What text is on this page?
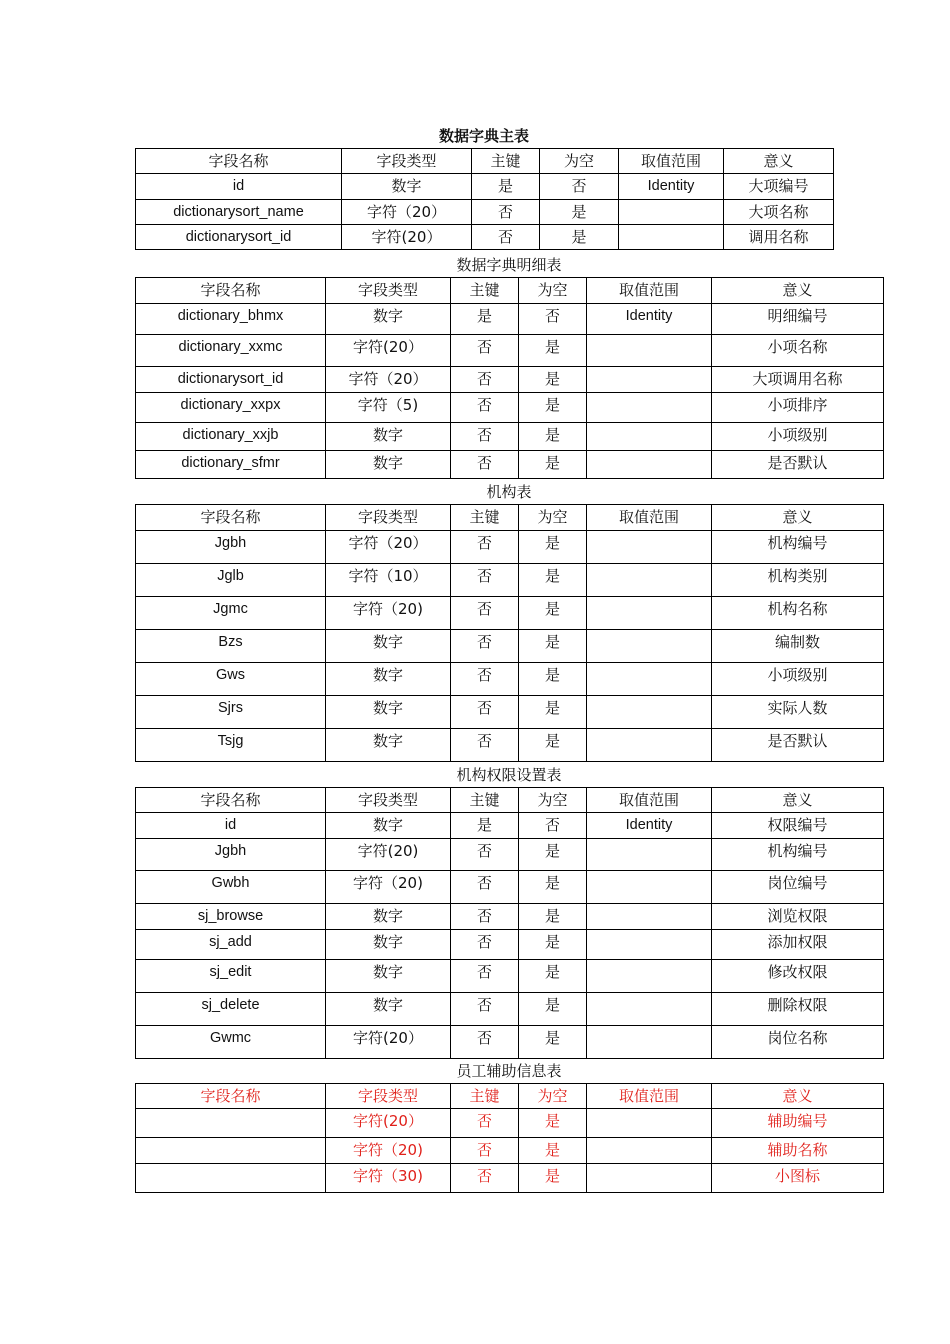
数据字典主表
字段名称	字段类型	主键	为空	取值范围	意义
id	数字	是	否	Identity	大项编号
dictionarysort_name	字符（20）	否	是		大项名称
dictionarysort_id	字符(20）	否	是		调用名称
数据字典明细表
字段名称	字段类型	主键	为空	取值范围	意义
dictionary_bhmx	数字	是	否	Identity	明细编号
dictionary_xxmc	字符(20）	否	是		小项名称
dictionarysort_id	字符（20）	否	是		大项调用名称
dictionary_xxpx	字符（5)	否	是		小项排序
dictionary_xxjb	数字	否	是		小项级别
dictionary_sfmr	数字	否	是		是否默认
机构表
字段名称	字段类型	主键	为空	取值范围	意义
Jgbh	字符（20）	否	是		机构编号
Jglb	字符（10）	否	是		机构类别
Jgmc	字符（20)	否	是		机构名称
Bzs	数字	否	是		编制数
Gws	数字	否	是		小项级别
Sjrs	数字	否	是		实际人数
Tsjg	数字	否	是		是否默认
机构权限设置表
字段名称	字段类型	主键	为空	取值范围	意义
id	数字	是	否	Identity	权限编号
Jgbh	字符(20)	否	是		机构编号
Gwbh	字符（20)	否	是		岗位编号
sj_browse	数字	否	是		浏览权限
sj_add	数字	否	是		添加权限
sj_edit	数字	否	是		修改权限
sj_delete	数字	否	是		删除权限
Gwmc	字符(20）	否	是		岗位名称
员工辅助信息表
字段名称	字段类型	主键	为空	取值范围	意义
	字符(20）	否	是		辅助编号
	字符（20)	否	是		辅助名称
	字符（30)	否	是		小图标
